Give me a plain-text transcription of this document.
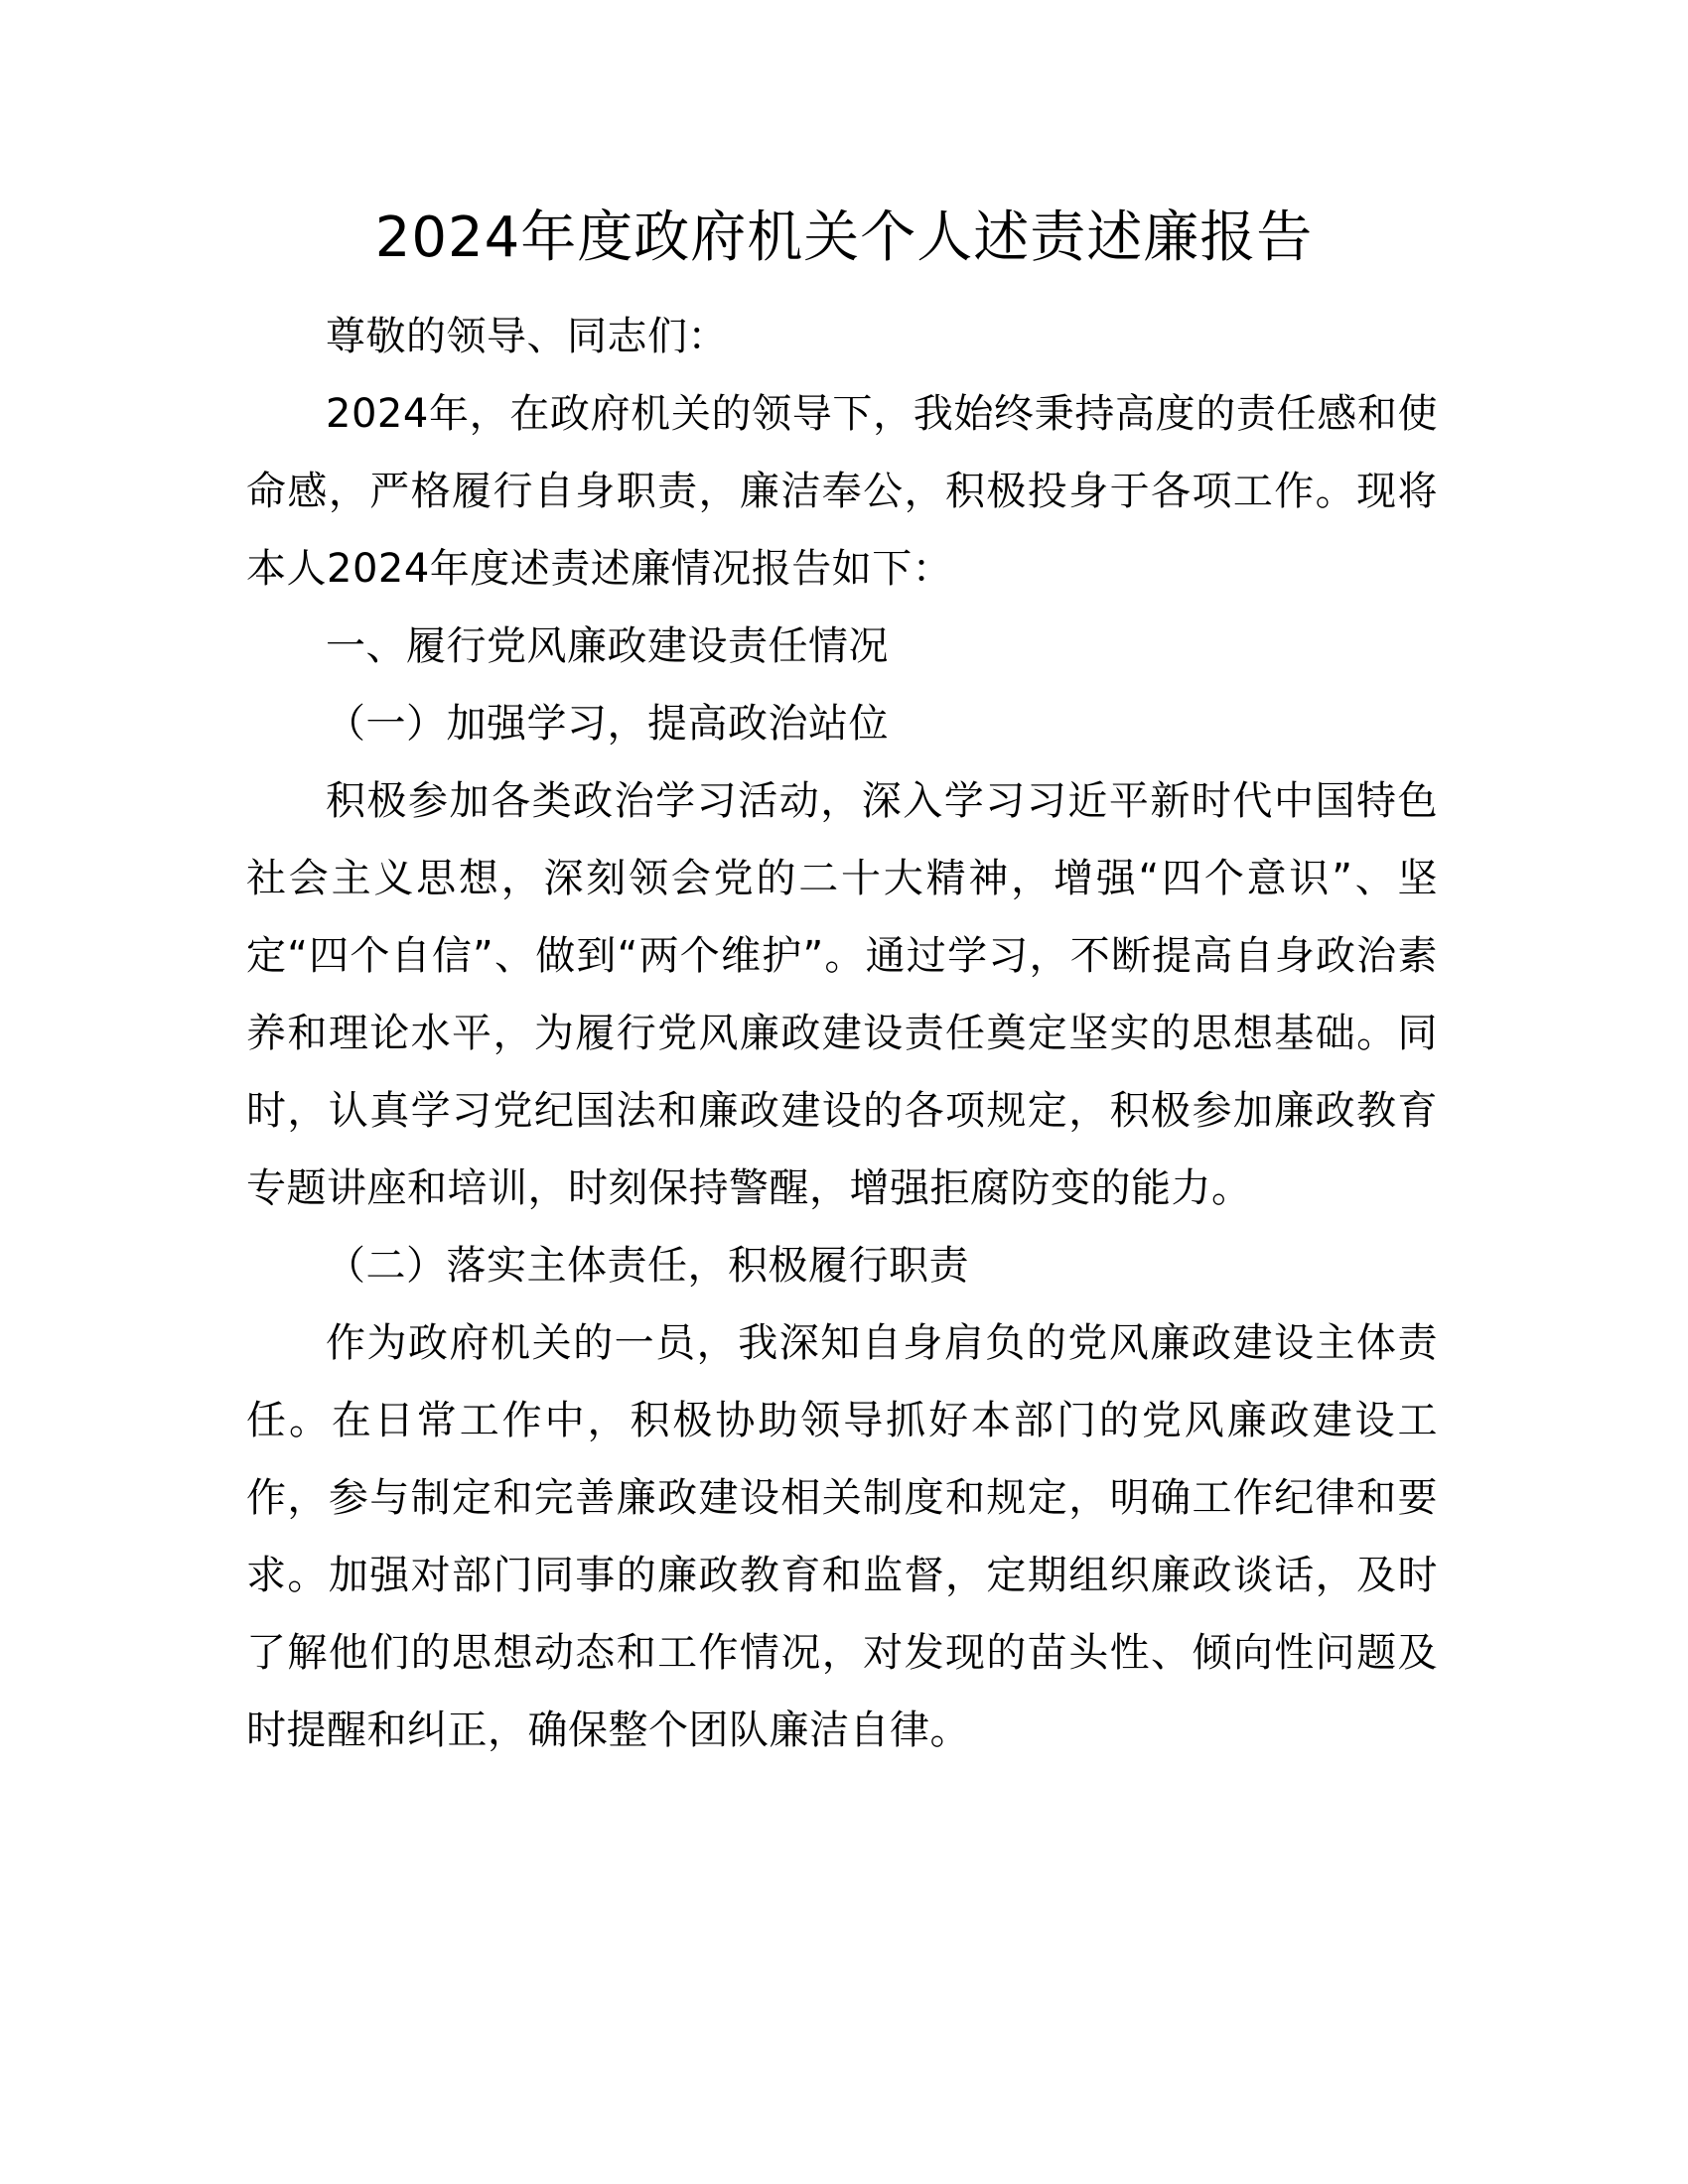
2024年度政府机关个人述责述廉报告

尊敬的领导、同志们：

2024年，在政府机关的领导下，我始终秉持高度的责任感和使命感，严格履行自身职责，廉洁奉公，积极投身于各项工作。现将本人2024年度述责述廉情况报告如下：

一、履行党风廉政建设责任情况

（一）加强学习，提高政治站位

积极参加各类政治学习活动，深入学习习近平新时代中国特色社会主义思想，深刻领会党的二十大精神，增强“四个意识”、坚定“四个自信”、做到“两个维护”。通过学习，不断提高自身政治素养和理论水平，为履行党风廉政建设责任奠定坚实的思想基础。同时，认真学习党纪国法和廉政建设的各项规定，积极参加廉政教育专题讲座和培训，时刻保持警醒，增强拒腐防变的能力。

（二）落实主体责任，积极履行职责

作为政府机关的一员，我深知自身肩负的党风廉政建设主体责任。在日常工作中，积极协助领导抓好本部门的党风廉政建设工作，参与制定和完善廉政建设相关制度和规定，明确工作纪律和要求。加强对部门同事的廉政教育和监督，定期组织廉政谈话，及时了解他们的思想动态和工作情况，对发现的苗头性、倾向性问题及时提醒和纠正，确保整个团队廉洁自律。
